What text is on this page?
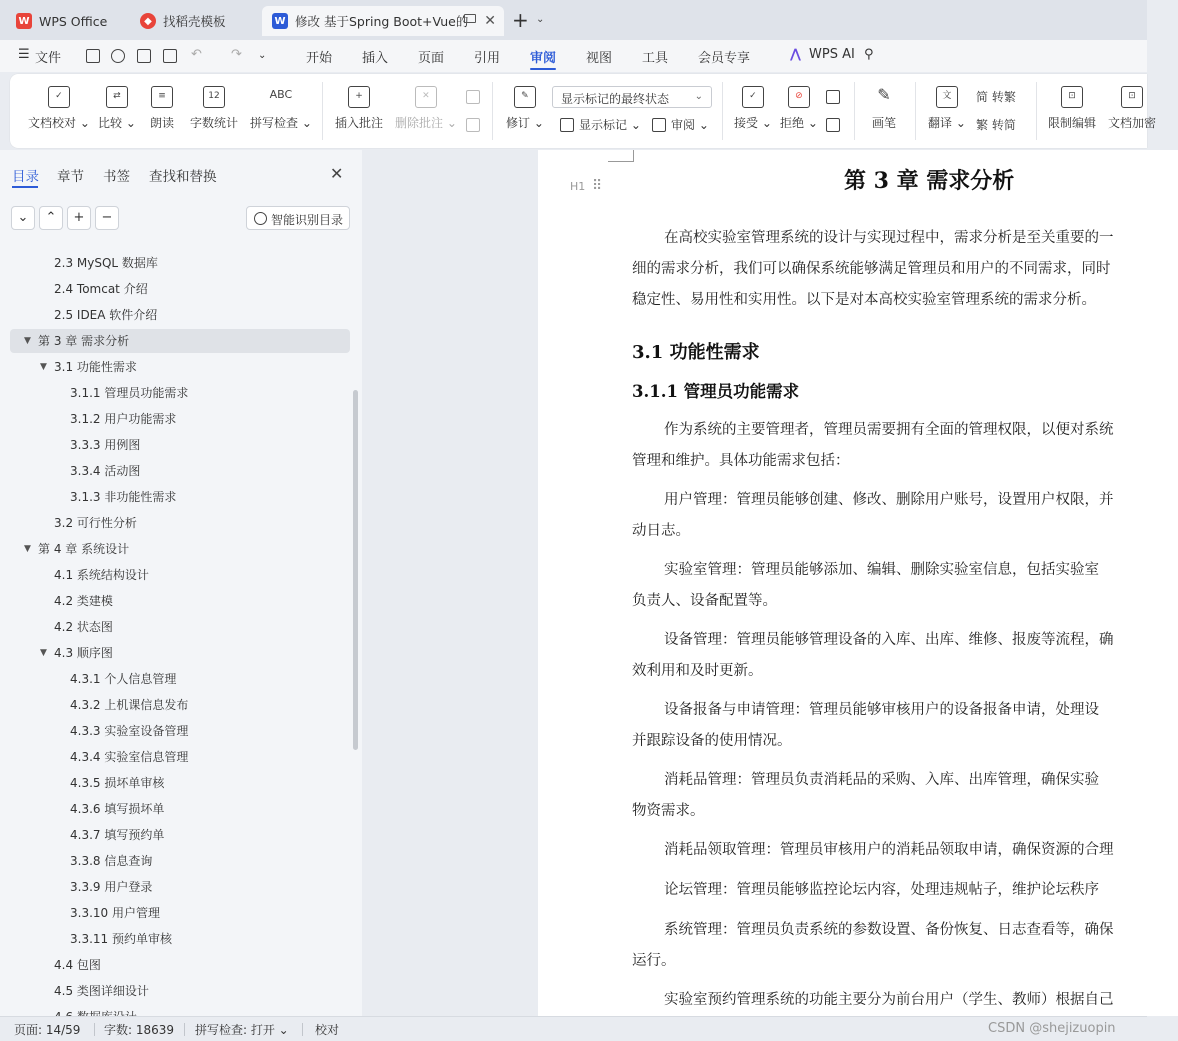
W WPS Office	◆ 找稻壳模板	W 修改 基于Spring Boot+Vue的 ✕ + ⌄
☰ 文件	↶ ↷ ⌄	开始 插入 页面 引用 审阅 视图 工具 会员专享	⋀ WPS AI ⚲
✓
文档校对 ⌄
⇄
比较 ⌄
≡
朗读
12
字数统计
ABC
拼写检查 ⌄
+
插入批注
✕
删除批注 ⌄
✎
修订 ⌄
显示标记的最终状态	⌄
显示标记 ⌄	审阅 ⌄
✓
接受 ⌄
⊘
拒绝 ⌄
✎
画笔
文
翻译 ⌄
简 转繁
繁 转简
⊡
限制编辑
⊡
文档加密
目录 章节 书签 查找和替换	✕
⌄	⌃	+	−	智能识别目录
2.3 MySQL 数据库
2.4 Tomcat 介绍
2.5 IDEA 软件介绍
▼ 第 3 章 需求分析
▼ 3.1 功能性需求
3.1.1 管理员功能需求
3.1.2 用户功能需求
3.3.3 用例图
3.3.4 活动图
3.1.3 非功能性需求
3.2 可行性分析
▼ 第 4 章 系统设计
4.1 系统结构设计
4.2 类建模
4.2 状态图
▼ 4.3 顺序图
4.3.1 个人信息管理
4.3.2 上机课信息发布
4.3.3 实验室设备管理
4.3.4 实验室信息管理
4.3.5 损坏单审核
4.3.6 填写损坏单
4.3.7 填写预约单
3.3.8 信息查询
3.3.9 用户登录
3.3.10 用户管理
3.3.11 预约单审核
4.4 包图
4.5 类图详细设计
H1 ⠿	第 3 章 需求分析
在高校实验室管理系统的设计与实现过程中，需求分析是至关重要的一
细的需求分析，我们可以确保系统能够满足管理员和用户的不同需求，同时
稳定性、易用性和实用性。以下是对本高校实验室管理系统的需求分析。
3.1 功能性需求
3.1.1 管理员功能需求
作为系统的主要管理者，管理员需要拥有全面的管理权限，以便对系统
管理和维护。具体功能需求包括：
用户管理：管理员能够创建、修改、删除用户账号，设置用户权限，并
动日志。
实验室管理：管理员能够添加、编辑、删除实验室信息，包括实验室
负责人、设备配置等。
设备管理：管理员能够管理设备的入库、出库、维修、报废等流程，确
效利用和及时更新。
设备报备与申请管理：管理员能够审核用户的设备报备申请，处理设
并跟踪设备的使用情况。
消耗品管理：管理员负责消耗品的采购、入库、出库管理，确保实验
物资需求。
消耗品领取管理：管理员审核用户的消耗品领取申请，确保资源的合理
论坛管理：管理员能够监控论坛内容，处理违规帖子，维护论坛秩序
系统管理：管理员负责系统的参数设置、备份恢复、日志查看等，确保
运行。
实验室预约管理系统的功能主要分为前台用户（学生、教师）根据自己
页面: 14/59 字数: 18639 拼写检查: 打开 ⌄ 校对	CSDN @shejizuopin
